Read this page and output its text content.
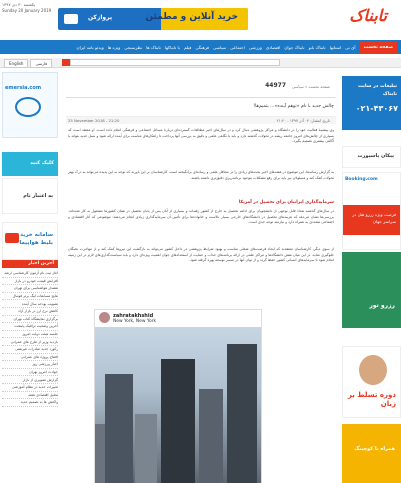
یکشنبه ۳۰ دی ۱۳۹۷
Sunday 20 January 2019
پروازکن	خرید آنلاین و مطمئن	تابناک
صفحه نخست
آی تی
استانها
تابناک بانو
تابناک جوان
اقتصادی
ورزشی
اجتماعی
سیاسی
فرهنگی
فیلم
با تابناکها
تابناک ها
نظرسنجی
ویژه ها
ویدئو نامه ایران
English	فارسی
emersia.com
کلیک کنید
به اعتبار نام
سامانه خرید
بلیط هواپیما
آخرین اخبار
آغاز ثبت نام آزمون کارشناسی ارشد
افزایش قیمت خودرو در بازار
هشدار هواشناسی برای تهران
نتایج مسابقات لیگ برتر فوتبال
تصویب بودجه سال آینده
کاهش نرخ ارز در بازار آزاد
برگزاری نمایشگاه کتاب تهران
آخرین وضعیت ترافیک پایتخت
جلسه هیئت دولت امروز
بازدید وزیر از طرح های عمرانی
رکورد جدید صادرات غیرنفتی
افتتاح پروژه های عمرانی
اخبار ورزشی روز
حوادث امروز تهران
گزارش تصویری از بازار
تغییرات جدید در نظام آموزشی
تحلیل اقتصادی هفته
واکنش ها به تصمیم جدید
44977 صفحه نخست » سیاسی
چالش جدید با نام «توهم آینده»... یتمیم‌ها!
25 November 2018 - 21:20	تاریخ انتشار: ۰۴ آذر ۱۳۹۷ - ۲۱:۲۰
وی پیشینهٔ فعالیت خود را در دانشگاه و مراکز پژوهشی دنبال کرد و در سال‌های اخیر مطالعات گسترده‌ای دربارهٔ مسائل اجتماعی و فرهنگی انجام داده است. او معتقد است که بسیاری از چالش‌های امروز جامعه ریشه در تحولات گذشته دارد و باید با نگاهی علمی و دقیق به بررسی آنها پرداخت تا راهکارهای مناسب برای آینده ارائه شود و نسل جدید بتواند با آگاهی بیشتری تصمیم بگیرد.
به گزارش رسانه‌ها، این موضوع در هفته‌های اخیر بحث‌های زیادی را در محافل علمی و رسانه‌ای برانگیخته است. کارشناسان بر این باورند که توجه به این پدیده می‌تواند به درک بهتر تحولات کمک کند و مسئولان نیز باید برای رفع مشکلات موجود برنامه‌ریزی دقیق‌تری داشته باشند.
سرمایه‌گذاری ایرانیان برای تحصیل در آمریکا
در سال‌های گذشته تعداد قابل توجهی از دانشجویان برای ادامه تحصیل به خارج از کشور رفته‌اند و بسیاری از آنان پس از پایان تحصیل در همان کشورها مشغول به کار شده‌اند. بررسی‌ها نشان می‌دهد که هزینه‌های تحصیل در دانشگاه‌های خارجی بسیار بالاست و خانواده‌ها برای تأمین آن سرمایه‌گذاری زیادی انجام می‌دهند؛ موضوعی که آثار اقتصادی و اجتماعی متعددی به همراه دارد و نیازمند توجه جدی است.
از سوی دیگر، کارشناسان معتقدند که ایجاد فرصت‌های شغلی مناسب و بهبود شرایط پژوهشی در داخل کشور می‌تواند به بازگشت این نیروها کمک کند و از مهاجرت نخبگان جلوگیری نماید. در این میان نقش دانشگاه‌ها و مراکز علمی در ارائه برنامه‌های جذاب و حمایت از استعدادهای جوان اهمیت ویژه‌ای دارد و باید سیاست‌گذاری‌های لازم در این زمینه انجام شود تا سرمایه‌های انسانی کشور حفظ گردد و از توان آنها در مسیر توسعه بهره گرفته شود.
zahratakhshid
New York, New York
تبلیغات در سایت
تابناک
۰۲۱-۴۳۰۶۷
پیکان پاسپورت
Booking.com
فرصت ویژه رزرو هتل در سراسر جهان
رزرو تور
دوره تسلط بر زبان
همراه با کوچینگ
